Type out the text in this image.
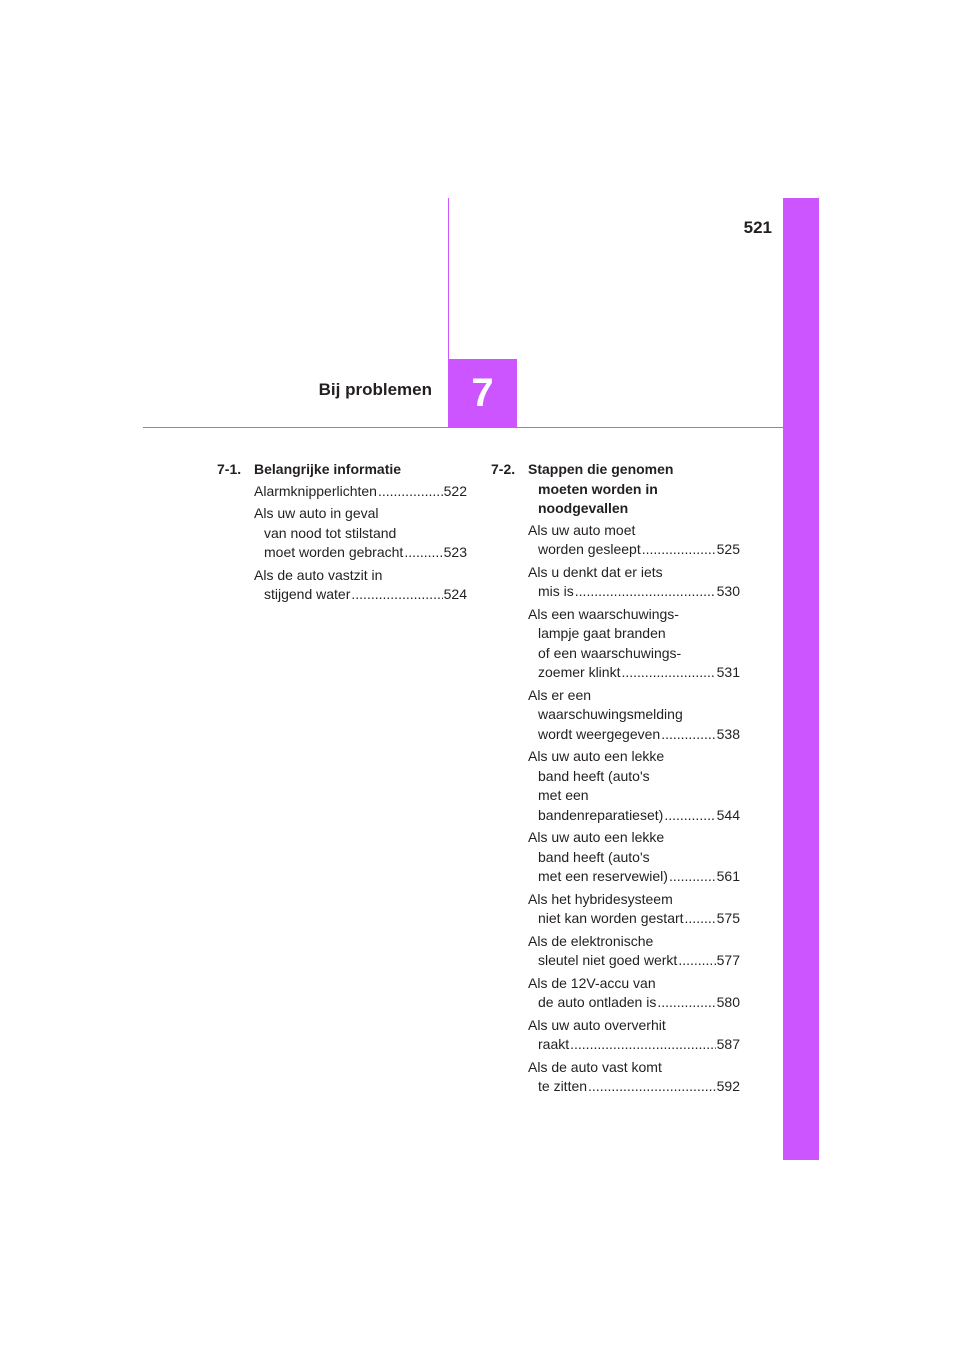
521
7
Bij problemen
7-1. Belangrijke informatie
Alarmknipperlichten .....	522
Als uw auto in geval
van nood tot stilstand
moet worden gebracht .....	523
Als de auto vastzit in
stijgend water .....	524
7-2. Stappen die genomen
moeten worden in
noodgevallen
Als uw auto moet
worden gesleept .....	525
Als u denkt dat er iets
mis is .....	530
Als een waarschuwings-
lampje gaat branden
of een waarschuwings-
zoemer klinkt .....	531
Als er een
waarschuwingsmelding
wordt weergegeven .....	538
Als uw auto een lekke
band heeft (auto's
met een
bandenreparatieset) .....	544
Als uw auto een lekke
band heeft (auto's
met een reservewiel) .....	561
Als het hybridesysteem
niet kan worden gestart ..... 575
Als de elektronische
sleutel niet goed werkt .....	577
Als de 12V-accu van
de auto ontladen is .....	580
Als uw auto oververhit
raakt .....	587
Als de auto vast komt
te zitten .....	592
